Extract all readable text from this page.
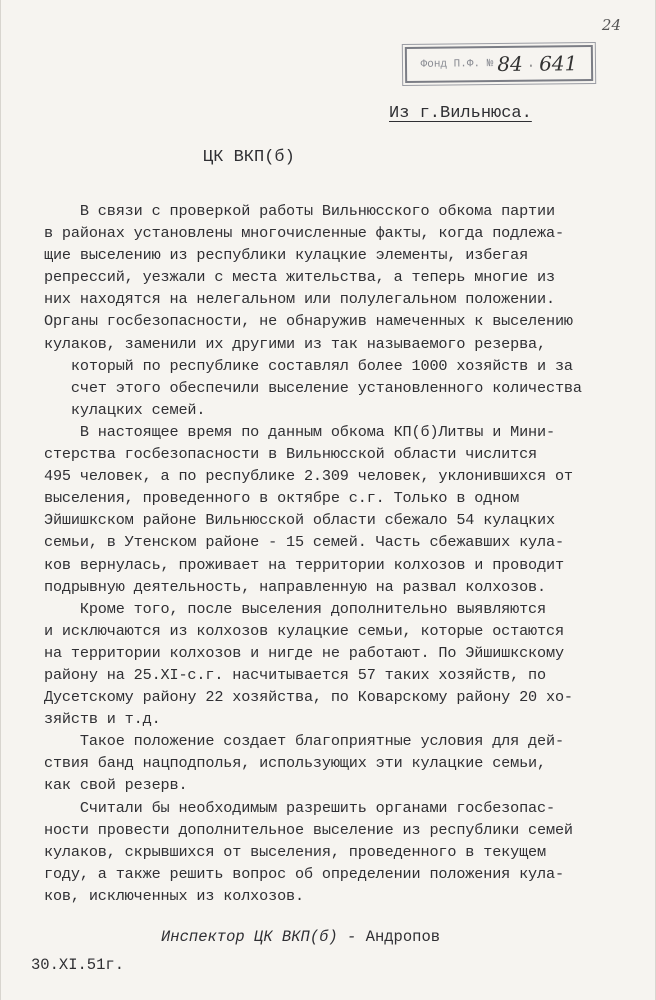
24
Фонд П.Ф. № 84 . 641
Из г.Вильнюса.
ЦК ВКП(б)

В связи с проверкой работы Вильнюсского обкома партии

в районах установлены многочисленные факты, когда подлежа-

щие выселению из республики кулацкие элементы, избегая

репрессий, уезжали с места жительства, а теперь многие из

них находятся на нелегальном или полулегальном положении.

Органы госбезопасности, не обнаружив намеченных к выселению

кулаков, заменили их другими из так называемого резерва,

который по республике составлял более 1000 хозяйств и за

счет этого обеспечили выселение установленного количества

кулацких семей.

В настоящее время по данным обкома КП(б)Литвы и Мини-

стерства госбезопасности в Вильнюсской области числится

495 человек, а по республике 2.309 человек, уклонившихся от

выселения, проведенного в октябре с.г. Только в одном

Эйшишкском районе Вильнюсской области сбежало 54 кулацких

семьи, в Утенском районе - 15 семей. Часть сбежавших кула-

ков вернулась, проживает на территории колхозов и проводит

подрывную деятельность, направленную на развал колхозов.

Кроме того, после выселения дополнительно выявляются

и исключаются из колхозов кулацкие семьи, которые остаются

на территории колхозов и нигде не работают. По Эйшишкскому

району на 25.XI-с.г. насчитывается 57 таких хозяйств, по

Дусетскому району 22 хозяйства, по Коварскому району 20 хо-

зяйств и т.д.

Такое положение создает благоприятные условия для дей-

ствия банд нацподполья, использующих эти кулацкие семьи,

как свой резерв.

Считали бы необходимым разрешить органами госбезопас-

ности провести дополнительное выселение из республики семей

кулаков, скрывшихся от выселения, проведенного в текущем

году, а также решить вопрос об определении положения кула-

ков, исключенных из колхозов.

Инспектор ЦК ВКП(б) - Андропов
30.XI.51г.
